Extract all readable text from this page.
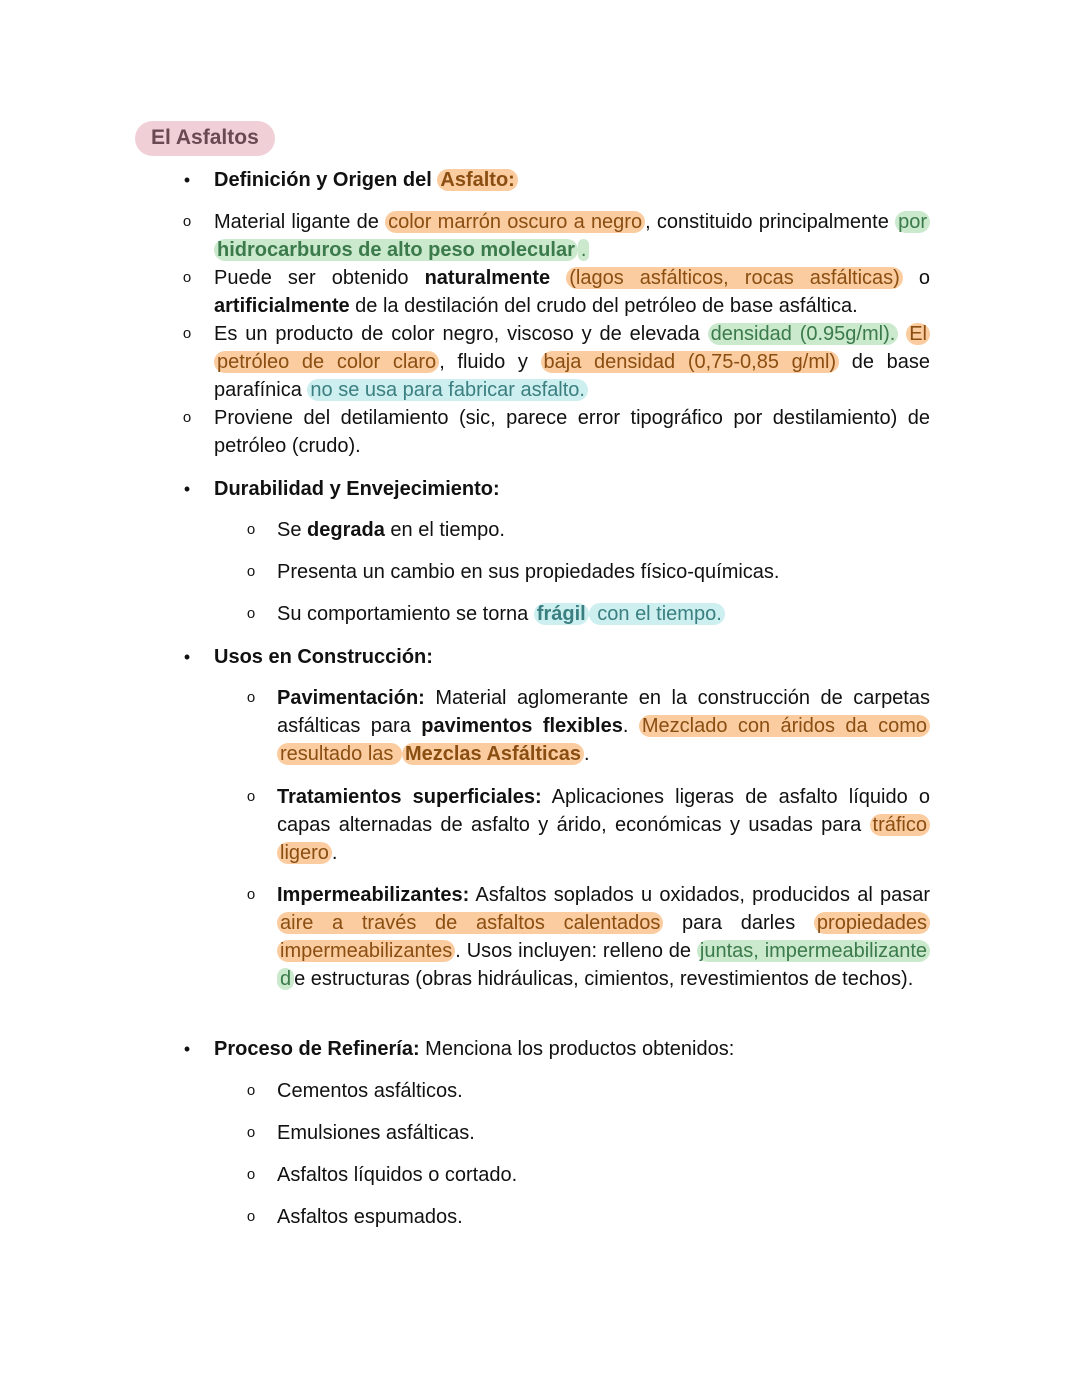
El Asfaltos
• Definición y Origen del Asfalto:
o Material ligante de color marrón oscuro a negro , constituido principalmente por hidrocarburos de alto peso molecular .
o Puede ser obtenido naturalmente (lagos asfálticos, rocas asfálticas) o artificialmente de la destilación del crudo del petróleo de base asfáltica.
o Es un producto de color negro, viscoso y de elevada densidad (0.95g/ml). El petróleo de color claro , fluido y baja densidad (0,75-0,85 g/ml) de base parafínica no se usa para fabricar asfalto.
o Proviene del detilamiento (sic, parece error tipográfico por destilamiento) de petróleo (crudo).
• Durabilidad y Envejecimiento:
o Se degrada en el tiempo.
o Presenta un cambio en sus propiedades físico-químicas.
o Su comportamiento se torna frágil con el tiempo.
• Usos en Construcción:
o Pavimentación: Material aglomerante en la construcción de carpetas asfálticas para pavimentos flexibles. Mezclado con áridos da como resultado las Mezclas Asfálticas .
o Tratamientos superficiales: Aplicaciones ligeras de asfalto líquido o capas alternadas de asfalto y árido, económicas y usadas para tráfico ligero .
o Impermeabilizantes: Asfaltos soplados u oxidados, producidos al pasar aire a través de asfaltos calentados para darles propiedades impermeabilizantes . Usos incluyen: relleno de juntas, impermeabilizante d e estructuras (obras hidráulicas, cimientos, revestimientos de techos).
• Proceso de Refinería: Menciona los productos obtenidos:
o Cementos asfálticos.
o Emulsiones asfálticas.
o Asfaltos líquidos o cortado.
o Asfaltos espumados.
